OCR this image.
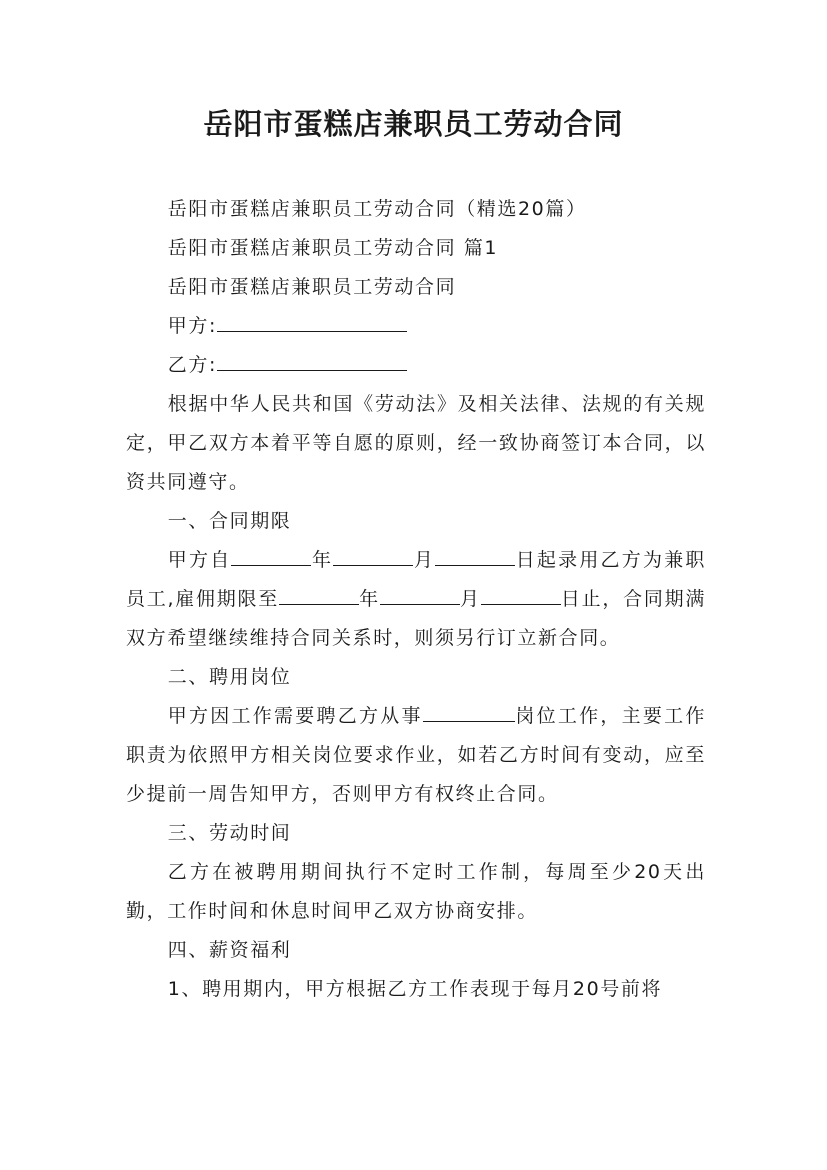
岳阳市蛋糕店兼职员工劳动合同

岳阳市蛋糕店兼职员工劳动合同（精选20篇）

岳阳市蛋糕店兼职员工劳动合同 篇1

岳阳市蛋糕店兼职员工劳动合同

甲方:

乙方:

根据中华人民共和国《劳动法》及相关法律、法规的有关规定，甲乙双方本着平等自愿的原则，经一致协商签订本合同，以资共同遵守。

一、合同期限

甲方自	年	月	日起录用乙方为兼职员工,雇佣期限至	年	月	日止，合同期满双方希望继续维持合同关系时，则须另行订立新合同。

二、聘用岗位

甲方因工作需要聘乙方从事	岗位工作，主要工作职责为依照甲方相关岗位要求作业，如若乙方时间有变动，应至少提前一周告知甲方，否则甲方有权终止合同。

三、劳动时间

乙方在被聘用期间执行不定时工作制，每周至少20天出勤，工作时间和休息时间甲乙双方协商安排。

四、薪资福利

1、聘用期内，甲方根据乙方工作表现于每月20号前将
